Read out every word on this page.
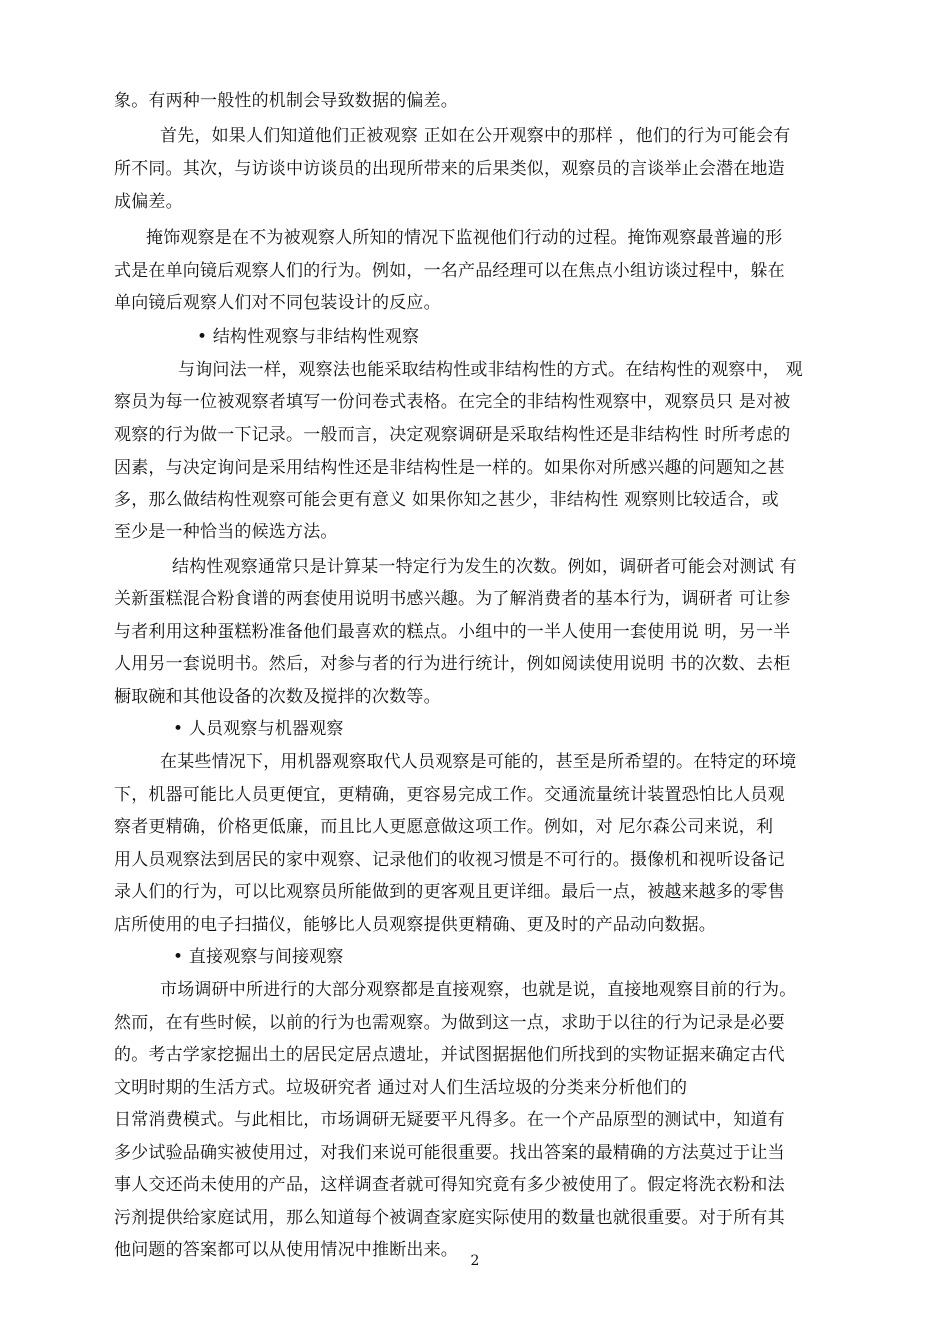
象。有两种一般性的机制会导致数据的偏差。
首先，如果人们知道他们正被观察 正如在公开观察中的那样 ，他们的行为可能会有
所不同。其次，与访谈中访谈员的出现所带来的后果类似，观察员的言谈举止会潜在地造
成偏差。
掩饰观察是在不为被观察人所知的情况下监视他们行动的过程。掩饰观察最普遍的形
式是在单向镜后观察人们的行为。例如，一名产品经理可以在焦点小组访谈过程中，躲在
单向镜后观察人们对不同包装设计的反应。
• 结构性观察与非结构性观察
与询问法一样，观察法也能采取结构性或非结构性的方式。在结构性的观察中， 观
察员为每一位被观察者填写一份问卷式表格。在完全的非结构性观察中，观察员只 是对被
观察的行为做一下记录。一般而言，决定观察调研是采取结构性还是非结构性 时所考虑的
因素，与决定询问是采用结构性还是非结构性是一样的。如果你对所感兴趣的问题知之甚
多，那么做结构性观察可能会更有意义 如果你知之甚少，非结构性 观察则比较适合，或
至少是一种恰当的候选方法。
结构性观察通常只是计算某一特定行为发生的次数。例如，调研者可能会对测试 有
关新蛋糕混合粉食谱的两套使用说明书感兴趣。为了解消费者的基本行为，调研者 可让参
与者利用这种蛋糕粉准备他们最喜欢的糕点。小组中的一半人使用一套使用说 明，另一半
人用另一套说明书。然后，对参与者的行为进行统计，例如阅读使用说明 书的次数、去柜
橱取碗和其他设备的次数及搅拌的次数等。
• 人员观察与机器观察
在某些情况下，用机器观察取代人员观察是可能的，甚至是所希望的。在特定的环境
下，机器可能比人员更便宜，更精确，更容易完成工作。交通流量统计装置恐怕比人员观
察者更精确，价格更低廉，而且比人更愿意做这项工作。例如，对 尼尔森公司来说，利
用人员观察法到居民的家中观察、记录他们的收视习惯是不可行的。摄像机和视听设备记
录人们的行为，可以比观察员所能做到的更客观且更详细。最后一点，被越来越多的零售
店所使用的电子扫描仪，能够比人员观察提供更精确、更及时的产品动向数据。
• 直接观察与间接观察
市场调研中所进行的大部分观察都是直接观察，也就是说，直接地观察目前的行为。
然而，在有些时候，以前的行为也需观察。为做到这一点，求助于以往的行为记录是必要
的。考古学家挖掘出土的居民定居点遗址，并试图据据他们所找到的实物证据来确定古代
文明时期的生活方式。垃圾研究者 通过对人们生活垃圾的分类来分析他们的
日常消费模式。与此相比，市场调研无疑要平凡得多。在一个产品原型的测试中，知道有
多少试验品确实被使用过，对我们来说可能很重要。找出答案的最精确的方法莫过于让当
事人交还尚未使用的产品，这样调查者就可得知究竟有多少被使用了。假定将洗衣粉和法
污剂提供给家庭试用，那么知道每个被调查家庭实际使用的数量也就很重要。对于所有其
他问题的答案都可以从使用情况中推断出来。
2
